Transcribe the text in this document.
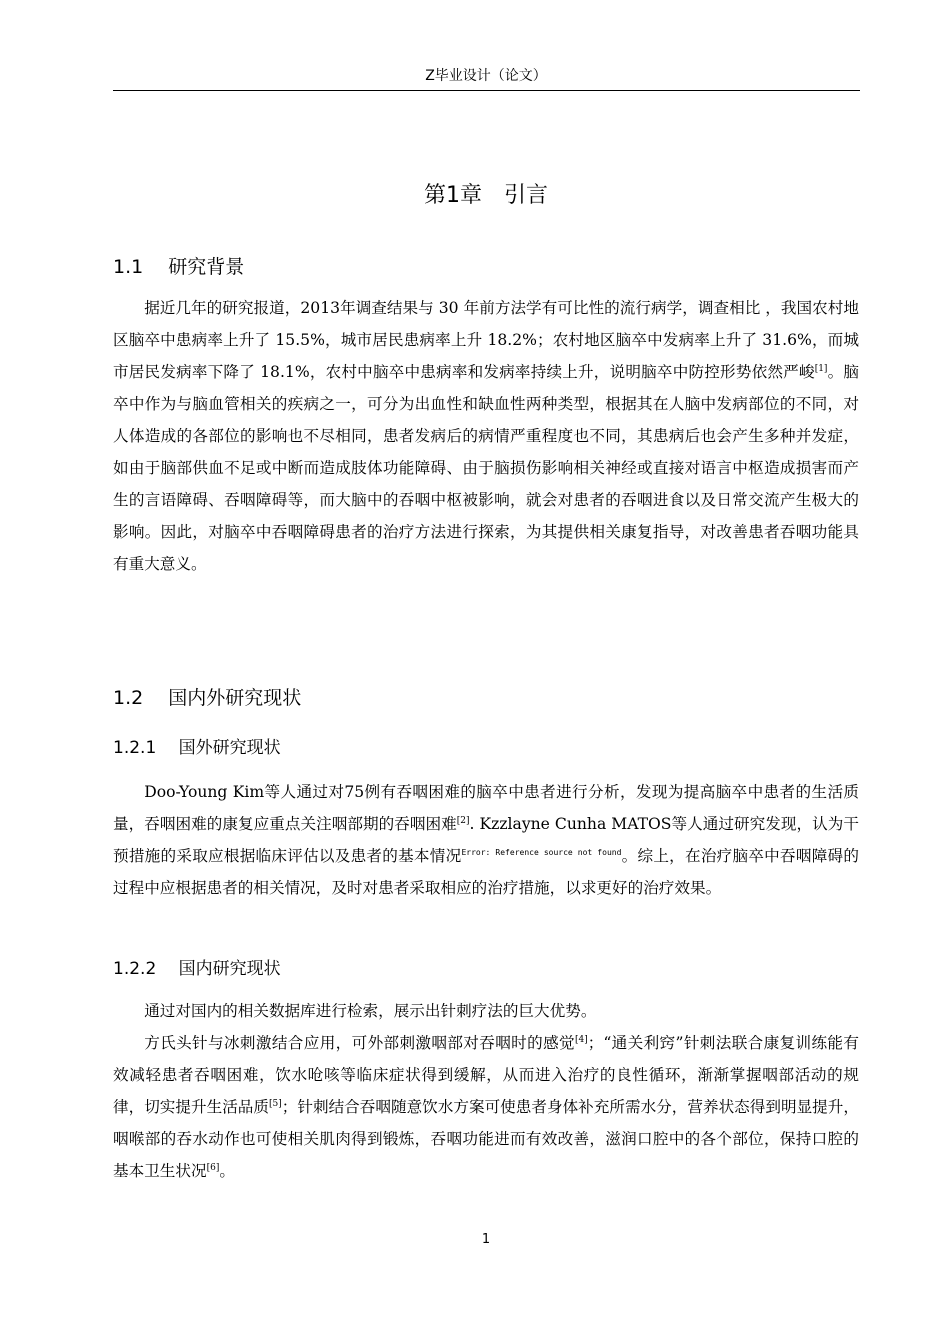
Z毕业设计（论文）
第1章　引言
1.1　 研究背景
据近几年的研究报道，2013年调查结果与 30 年前方法学有可比性的流行病学，调查相比 ，我国农村地区脑卒中患病率上升了 15.5%，城市居民患病率上升 18.2%；农村地区脑卒中发病率上升了 31.6%，而城市居民发病率下降了 18.1%，农村中脑卒中患病率和发病率持续上升，说明脑卒中防控形势依然严峻[1]。脑卒中作为与脑血管相关的疾病之一，可分为出血性和缺血性两种类型，根据其在人脑中发病部位的不同，对人体造成的各部位的影响也不尽相同，患者发病后的病情严重程度也不同，其患病后也会产生多种并发症，如由于脑部供血不足或中断而造成肢体功能障碍、由于脑损伤影响相关神经或直接对语言中枢造成损害而产生的言语障碍、吞咽障碍等，而大脑中的吞咽中枢被影响，就会对患者的吞咽进食以及日常交流产生极大的影响。因此，对脑卒中吞咽障碍患者的治疗方法进行探索，为其提供相关康复指导，对改善患者吞咽功能具有重大意义。
1.2　 国内外研究现状
1.2.1　 国外研究现状
Doo-Young Kim等人通过对75例有吞咽困难的脑卒中患者进行分析，发现为提高脑卒中患者的生活质量，吞咽困难的康复应重点关注咽部期的吞咽困难[2]. Kzzlayne Cunha MATOS等人通过研究发现，认为干预措施的采取应根据临床评估以及患者的基本情况$^{Error: Reference source not found}$。综上，在治疗脑卒中吞咽障碍的过程中应根据患者的相关情况，及时对患者采取相应的治疗措施，以求更好的治疗效果。
1.2.2　 国内研究现状
通过对国内的相关数据库进行检索，展示出针刺疗法的巨大优势。
方氏头针与冰刺激结合应用，可外部刺激咽部对吞咽时的感觉[4]；“通关利窍”针刺法联合康复训练能有效减轻患者吞咽困难，饮水呛咳等临床症状得到缓解，从而进入治疗的良性循环，渐渐掌握咽部活动的规律，切实提升生活品质[5]；针刺结合吞咽随意饮水方案可使患者身体补充所需水分，营养状态得到明显提升，咽喉部的吞水动作也可使相关肌肉得到锻炼，吞咽功能进而有效改善，滋润口腔中的各个部位，保持口腔的基本卫生状况[6]。
1
